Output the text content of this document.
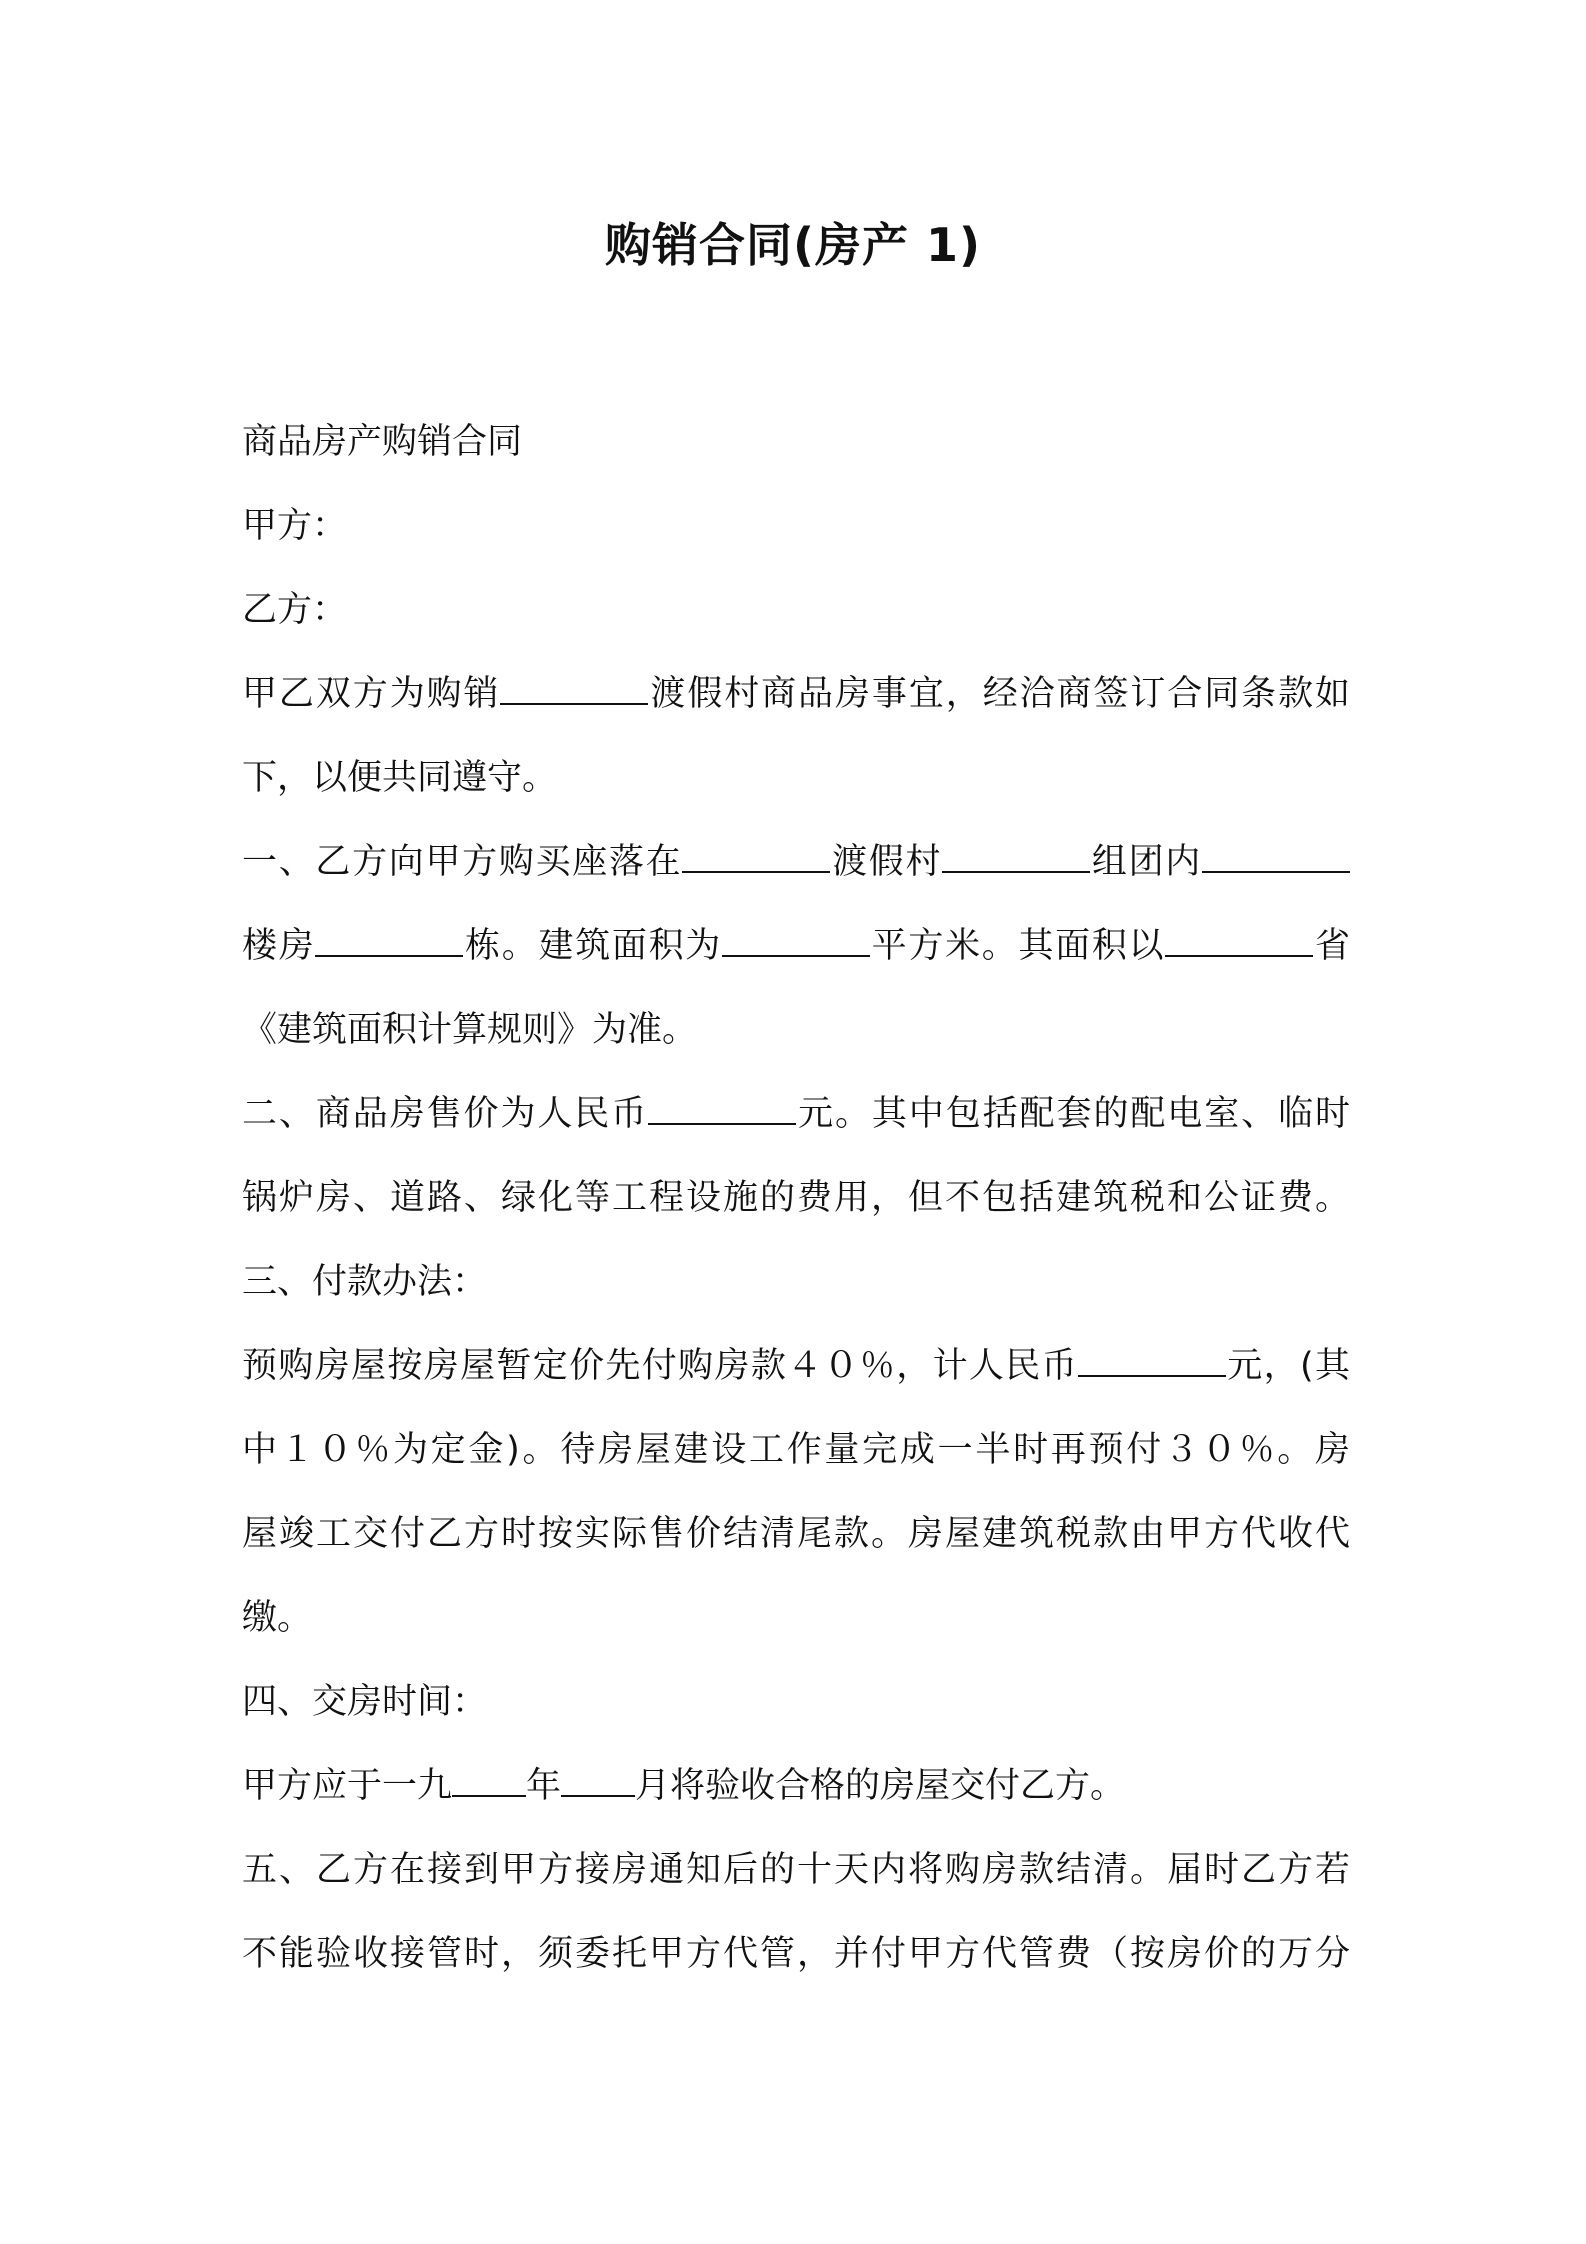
购销合同(房产 1)

商品房产购销合同

甲方：

乙方：

甲乙双方为购销	渡假村商品房事宜，经洽商签订合同条款如

下，以便共同遵守。

一、乙方向甲方购买座落在	渡假村	组团内

楼房	栋。建筑面积为	平方米。其面积以	省

《建筑面积计算规则》为准。

二、商品房售价为人民币	元。其中包括配套的配电室、临时

锅炉房、道路、绿化等工程设施的费用，但不包括建筑税和公证费。

三、付款办法：

预购房屋按房屋暂定价先付购房款４０％，计人民币	元，(其

中１０％为定金)。待房屋建设工作量完成一半时再预付３０％。房

屋竣工交付乙方时按实际售价结清尾款。房屋建筑税款由甲方代收代

缴。

四、交房时间：

甲方应于一九 年 月将验收合格的房屋交付乙方。

五、乙方在接到甲方接房通知后的十天内将购房款结清。届时乙方若

不能验收接管时，须委托甲方代管，并付甲方代管费（按房价的万分
